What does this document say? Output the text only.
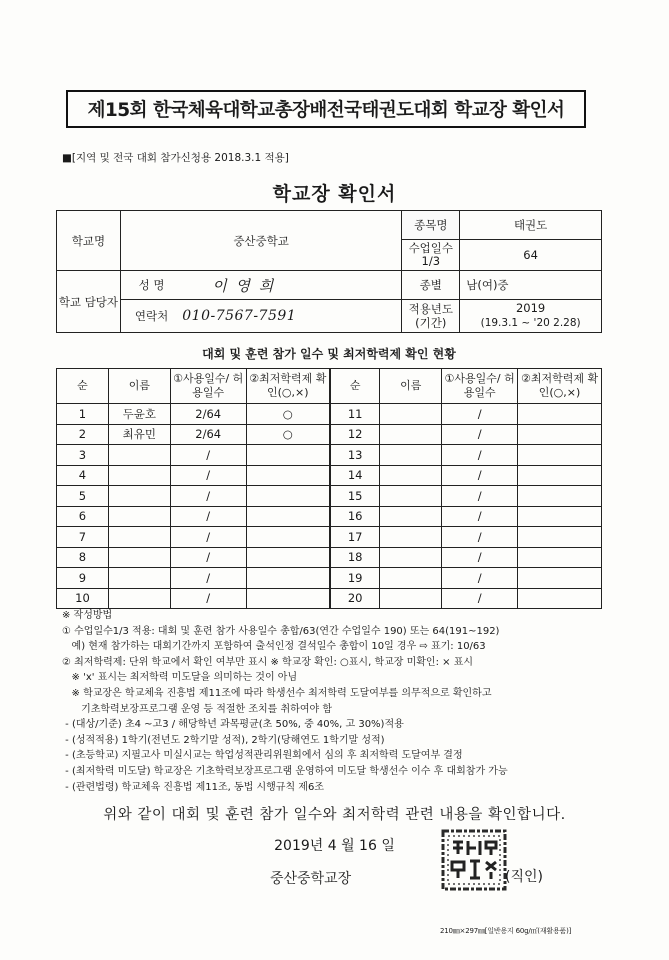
제15회 한국체육대학교총장배전국태권도대회 학교장 확인서
■[지역 및 전국 대회 참가신청용 2018.3.1 적용]
학교장 확인서
학교명	중산중학교		종목명	태권도
			수업일수 1/3	64
학교 담당자	성 명	이 영 희	종별	남(여)중
	연락처	010-7567-7591	적용년도 (기간)	2019
(19.3.1 ~ '20 2.28)
대회 및 훈련 참가 일수 및 최저학력제 확인 현황
순	이름	①사용일수/ 허용일수	②최저학력제 확인(○,×)	순	이름	①사용일수/ 허용일수	②최저학력제 확인(○,×)
1	두윤호	2/64	○	11		/	
2	최유민	2/64	○	12		/	
3		/		13		/	
4		/		14		/	
5		/		15		/	
6		/		16		/	
7		/		17		/	
8		/		18		/	
9		/		19		/	
10		/		20		/	
※ 작성방법
① 수업일수1/3 적용: 대회 및 훈련 참가 사용일수 총합/63(연간 수업일수 190) 또는 64(191~192)
예) 현재 참가하는 대회기간까지 포함하여 출석인정 결석일수 총합이 10일 경우 ⇨ 표기: 10/63
② 최저학력제: 단위 학교에서 확인 여부만 표시 ※ 학교장 확인: ○표시, 학교장 미확인: × 표시
※ 'x' 표시는 최저학력 미도달을 의미하는 것이 아님
※ 학교장은 학교체육 진흥법 제11조에 따라 학생선수 최저학력 도달여부를 의무적으로 확인하고
기초학력보장프로그램 운영 등 적절한 조치를 취하여야 함
- (대상/기준) 초4 ~고3 / 해당학년 과목평균(초 50%, 중 40%, 고 30%)적용
- (성적적용) 1학기(전년도 2학기말 성적), 2학기(당해연도 1학기말 성적)
- (초등학교) 지필고사 미실시교는 학업성적관리위원회에서 심의 후 최저학력 도달여부 결정
- (최저학력 미도달) 학교장은 기초학력보장프로그램 운영하여 미도달 학생선수 이수 후 대회참가 가능
- (관련법령) 학교체육 진흥법 제11조, 동법 시행규칙 제6조
위와 같이 대회 및 훈련 참가 일수와 최저학력 관련 내용을 확인합니다.
2019년 4 월 16 일
중산중학교장	(직인)
210㎜×297㎜[일반용지 60g/㎡(재활용품)]
